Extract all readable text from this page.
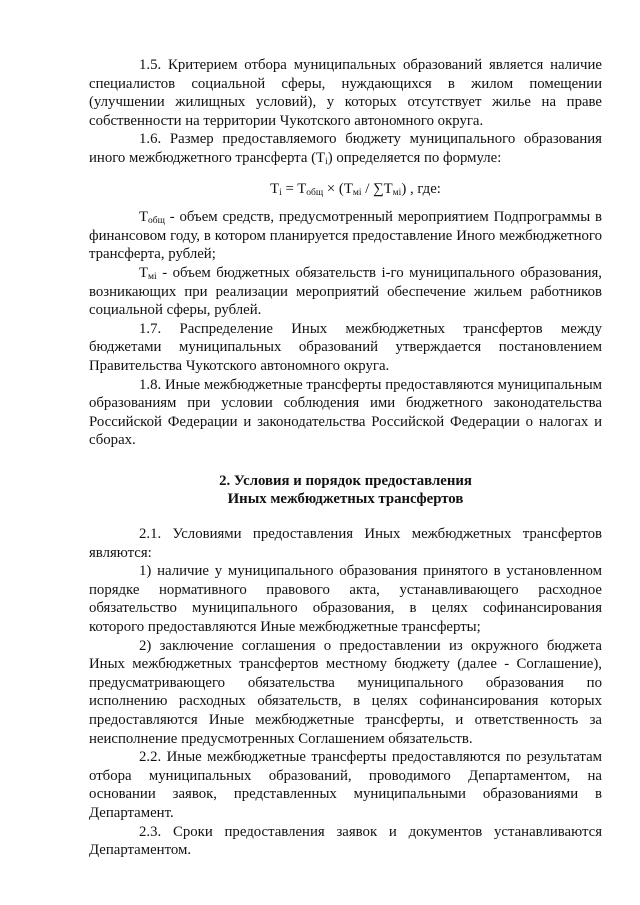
1.5. Критерием отбора муниципальных образований является наличие специалистов социальной сферы, нуждающихся в жилом помещении (улучшении жилищных условий), у которых отсутствует жилье на праве собственности на территории Чукотского автономного округа.

1.6. Размер предоставляемого бюджету муниципального образования иного межбюджетного трансферта $(T_i)$ определяется по формуле:

$T_i = T_{общ} \times (T_{мi} / \sum T_{мi})$ , где:

$T_{общ}$ - объем средств, предусмотренный мероприятием Подпрограммы в финансовом году, в котором планируется предоставление Иного межбюджетного трансферта, рублей;

$T_{мi}$ - объем бюджетных обязательств i-го муниципального образования, возникающих при реализации мероприятий обеспечение жильем работников социальной сферы, рублей.

1.7. Распределение Иных межбюджетных трансфертов между бюджетами муниципальных образований утверждается постановлением Правительства Чукотского автономного округа.

1.8. Иные межбюджетные трансферты предоставляются муниципальным образованиям при условии соблюдения ими бюджетного законодательства Российской Федерации и законодательства Российской Федерации о налогах и сборах.

2. Условия и порядок предоставления
Иных межбюджетных трансфертов

2.1. Условиями предоставления Иных межбюджетных трансфертов являются:

1) наличие у муниципального образования принятого в установленном порядке нормативного правового акта, устанавливающего расходное обязательство муниципального образования, в целях софинансирования которого предоставляются Иные межбюджетные трансферты;

2) заключение соглашения о предоставлении из окружного бюджета Иных межбюджетных трансфертов местному бюджету (далее - Соглашение), предусматривающего обязательства муниципального образования по исполнению расходных обязательств, в целях софинансирования которых предоставляются Иные межбюджетные трансферты, и ответственность за неисполнение предусмотренных Соглашением обязательств.

2.2. Иные межбюджетные трансферты предоставляются по результатам отбора муниципальных образований, проводимого Департаментом, на основании заявок, представленных муниципальными образованиями в Департамент.

2.3. Сроки предоставления заявок и документов устанавливаются Департаментом.
